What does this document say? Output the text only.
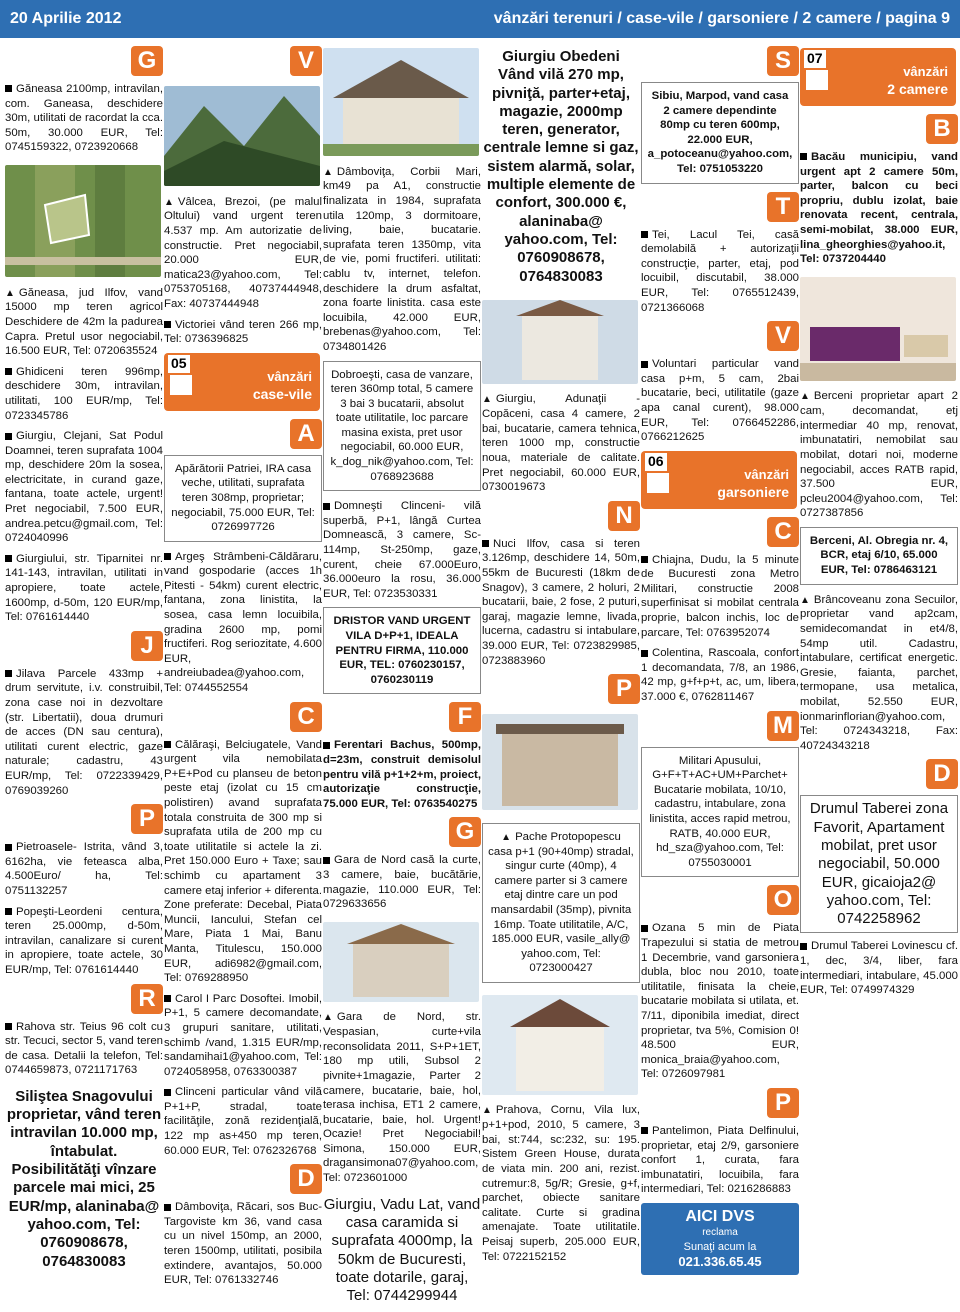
20 Aprilie 2012	vânzări terenuri / case-vile / garsoniere / 2 camere / pagina 9
G
Găneasa 2100mp, intravilan, com. Ganeasa, deschidere 30m, utilitati de racordat la cca. 50m, 30.000 EUR, Tel: 0745159322, 0723920668
▲ Găneasa, jud Ilfov, vand 15000 mp teren agricol Deschidere de 42m la padurea Capra. Pretul usor negociabil, 16.500 EUR, Tel: 0720635524
Ghidiceni teren 996mp, deschidere 30m, intravilan, utilitati, 100 EUR/mp, Tel: 0723345786
Giurgiu, Clejani, Sat Podul Doamnei, teren suprafata 1004 mp, deschidere 20m la sosea, electricitate, in curand gaze, fantana, toate actele, urgent! Pret negociabil, 7.500 EUR, andrea.petcu@gmail.com, Tel: 0724040996
Giurgiului, str. Tiparnitei nr. 141-143, intravilan, utilitati in apropiere, toate actele, 1600mp, d-50m, 120 EUR/mp, Tel: 0761614440
J
Jilava Parcele 433mp + drum servitute, i.v. construibil, zona case noi in dezvoltare (str. Libertatii), doua drumuri de acces (DN sau centura), utilitati curent electric, gaze naturale; cadastru, 43 EUR/mp, Tel: 0722339429, 0769039260
P
Pietroasele- Istrita, vând 3, 6162ha, vie feteasca alba, 4.500Euro/ ha, Tel: 0751132257
Popeşti-Leordeni centura, teren 25.000mp, d-50m, intravilan, canalizare si curent in apropiere, toate actele, 30 EUR/mp, Tel: 0761614440
R
Rahova str. Teius 96 colt cu str. Tecuci, sector 5, vand teren de casa. Detalii la telefon, Tel: 0744659873, 0721171763
Siliştea Snagovului proprietar, vând teren intravilan 10.000 mp, întabulat. Posibilitătăţi vînzare parcele mai mici, 25 EUR/mp, alaninaba@ yahoo.com, Tel: 0760908678, 0764830083
V
▲ Vâlcea, Brezoi, (pe malul Oltului) vand urgent teren 4.537 mp. Am autorizatie de constructie. Pret negociabil, 20.000 EUR, matica23@yahoo.com, Tel: 0753705168, 40737444948, Fax: 40737444948
Victoriei vând teren 266 mp, Tel: 0736396825
05
vânzări
case-vile
A
Apărătorii Patriei, IRA casa veche, utilitati, suprafata teren 308mp, proprietar; negociabil, 75.000 EUR, Tel: 0726997726
Argeş Strâmbeni-Căldăraru, vand gospodarie (acces 1h Pitesti - 54km) curent electric, fantana, zona linistita, la sosea, casa lemn locuibila, gradina 2600 mp, pomi fructiferi. Rog seriozitate, 4.600 EUR, andreiubadea@yahoo.com, Tel: 0744552554
C
Călăraşi, Belciugatele, Vand urgent vila nemobilata P+E+Pod cu planseu de beton peste etaj (izolat cu 15 cm polistiren) avand suprafata totala construita de 300 mp si suprafata utila de 200 mp cu toate utilitatile si actele la zi. Pret 150.000 Euro + Taxe; sau schimb cu apartament 3 camere etaj inferior + diferenta. Zone preferate: Decebal, Piata Muncii, Iancului, Stefan cel Mare, Piata 1 Mai, Banu Manta, Titulescu, 150.000 EUR, adi6982@gmail.com, Tel: 0769288950
Carol I Parc Dosoftei. Imobil, P+1, 5 camere decomandate, 3 grupuri sanitare, utilitati, schimb /vand, 1.315 EUR/mp, sandamihai1@yahoo.com, Tel: 0724058958, 0763300387
Clinceni particular vând vilă P+1+P, stradal, toate facilităţile, zonă rezidenţială, 122 mp as+450 mp teren, 60.000 EUR, Tel: 0762326768
D
Dâmboviţa, Răcari, sos Buc-Targoviste km 36, vand casa cu un nivel 150mp, an 2000, teren 1500mp, utilitati, posibila extindere, avantajos, 50.000 EUR, Tel: 0761332746
▲ Dâmboviţa, Corbii Mari, km49 pa A1, constructie finalizata in 1984, suprafata utila 120mp, 3 dormitoare, living, baie, bucatarie. suprafata teren 1350mp, vita de vie, pomi fructiferi. utilitati: cablu tv, internet, telefon. deschidere la drum asfaltat, zona foarte linistita. casa este locuibila, 42.000 EUR, brebenas@yahoo.com, Tel: 0734801426
Dobroeşti, casa de vanzare, teren 360mp total, 5 camere 3 bai 3 bucatarii, absolut toate utilitatile, loc parcare masina exista, pret usor negociabil, 60.000 EUR, k_dog_nik@yahoo.com, Tel: 0768923688
Domneşti Clinceni- vilă superbă, P+1, lângă Curtea Domnească, 3 camere, Sc-114mp, St-250mp, gaze, curent, cheie 67.000Euro, 36.000euro la rosu, 36.000 EUR, Tel: 0723530331
DRISTOR VAND URGENT VILA D+P+1, IDEALA PENTRU FIRMA, 110.000 EUR, TEL: 0760230157, 0760230119
F
Ferentari Bachus, 500mp, d=23m, construit demisolul pentru vilă p+1+2+m, proiect, autorizaţie construcţie, 75.000 EUR, Tel: 0763540275
G
Gara de Nord casă la curte, 3 camere, baie, bucătărie, magazie, 110.000 EUR, Tel: 0729633656
▲ Gara de Nord, str. Vespasian, curte+vila reconsolidata 2011, S+P+1ET, 180 mp utili, Subsol 2 pivnite+1magazie, Parter 2 camere, bucatarie, baie, hol, terasa inchisa, ET1 2 camere, bucatarie, baie, hol. Urgent! Ocazie! Pret Negociabil! Simona, 150.000 EUR, dragansimona07@yahoo.com, Tel: 0723601000
Giurgiu, Vadu Lat, vand casa caramida si suprafata 4000mp, la 50km de Bucuresti, toate dotarile, garaj, Tel: 0744299944
Giurgiu Obedeni Vând vilă 270 mp, pivniţă, parter+etaj, magazie, 2000mp teren, generator, centrale lemne si gaz, sistem alarmă, solar, multiple elemente de confort, 300.000 €, alaninaba@ yahoo.com, Tel: 0760908678, 0764830083
▲ Giurgiu, Adunaţii - Copăceni, casa 4 camere, 2 bai, bucatarie, camera tehnica, teren 1000 mp, constructie noua, materiale de calitate. Pret negociabil, 60.000 EUR, 0730019673
N
Nuci Ilfov, casa si teren 3.126mp, deschidere 14, 50m, 55km de Bucuresti (18km de Snagov), 3 camere, 2 holuri, 2 bucatarii, baie, 2 fose, 2 puturi, garaj, magazie lemne, livada, lucerna, cadastru si intabulare, 39.000 EUR, Tel: 0723829985, 0723883960
P
▲ Pache Protopopescu casa p+1 (90+40mp) stradal, singur curte (40mp), 4 camere parter si 3 camere etaj dintre care un pod mansardabil (35mp), pivnita 16mp. Toate utilitatile, A/C, 185.000 EUR, vasile_ally@ yahoo.com, Tel: 0723000427
▲ Prahova, Cornu, Vila lux, p+1+pod, 2010, 5 camere, 3 bai, st:744, sc:232, su: 195. Sistem Green House, durata de viata min. 200 ani, rezist. cutremur:8, 5g/R; Gresie, g+f, parchet, obiecte sanitare calitate. Curte si gradina amenajate. Toate utilitatile. Peisaj superb, 205.000 EUR, Tel: 0722152152
S
Sibiu, Marpod, vand casa 2 camere dependinte 80mp cu teren 600mp, 22.000 EUR, a_potoceanu@yahoo.com, Tel: 0751053220
T
Tei, Lacul Tei, casă demolabilă + autorizaţii construcţie, parter, etaj, pod locuibil, discutabil, 38.000 EUR, Tel: 0765512439, 0721366068
V
Voluntari particular vand casa p+m, 5 cam, 2bai bucatarie, beci, utilitatile (gaze apa canal curent), 98.000 EUR, Tel: 0766452286, 0766212625
06
vânzări
garsoniere
C
Chiajna, Dudu, la 5 minute de Bucuresti zona Metro Militari, constructie 2008 superfinisat si mobilat centrala proprie, balcon inchis, loc de parcare, Tel: 0763952074
Colentina, Rascoala, confort 1 decomandata, 7/8, an 1986, 42 mp, g+f+p+t, ac, um, libera, 37.000 €, 0762811467
M
Militari Apusului, G+F+T+AC+UM+Parchet+ Bucatarie mobilata, 10/10, cadastru, intabulare, zona linistita, acces rapid metrou, RATB, 40.000 EUR, hd_sza@yahoo.com, Tel: 0755030001
O
Ozana 5 min de Piata Trapezului si statia de metrou 1 Decembrie, vand garsoniera dubla, bloc nou 2010, toate utilitatile, finisata la cheie, bucatarie mobilata si utilata, et. 7/11, diponibila imediat, direct proprietar, tva 5%, Comision 0! 48.500 EUR, monica_braia@yahoo.com, Tel: 0726097981
P
Pantelimon, Piata Delfinului, proprietar, etaj 2/9, garsoniere confort 1, curata, fara imbunatatiri, locuibila, fara intermediari, Tel: 0216286883
AICI DVS
reclama
Sunaţi acum la
021.336.65.45
07
vânzări
2 camere
B
Bacău municipiu, vand urgent apt 2 camere 50m, parter, balcon cu beci propriu, dublu izolat, baie renovata recent, centrala, semi-mobilat, 38.000 EUR, lina_gheorghies@yahoo.it, Tel: 0737204440
▲ Berceni proprietar apart 2 cam, decomandat, etj intermediar 40 mp, renovat, imbunatatiri, nemobilat sau mobilat, dotari noi, moderne negociabil, acces RATB rapid, 37.500 EUR, pcleu2004@yahoo.com, Tel: 0727387856
Berceni, Al. Obregia nr. 4, BCR, etaj 6/10, 65.000 EUR, Tel: 0786463121
▲ Brâncoveanu zona Secuilor, proprietar vand ap2cam, semidecomandat in et4/8, 54mp util. Cadastru, intabulare, certificat energetic. Gresie, faianta, parchet, termopane, usa metalica, mobilat, 52.550 EUR, ionmarinflorian@yahoo.com, Tel: 0724343218, Fax: 40724343218
D
Drumul Taberei zona Favorit, Apartament mobilat, pret usor negociabil, 50.000 EUR, gicaioja2@ yahoo.com, Tel: 0742258962
Drumul Taberei Lovinescu cf. 1, dec, 3/4, liber, fara intermediari, intabulare, 45.000 EUR, Tel: 0749974329
